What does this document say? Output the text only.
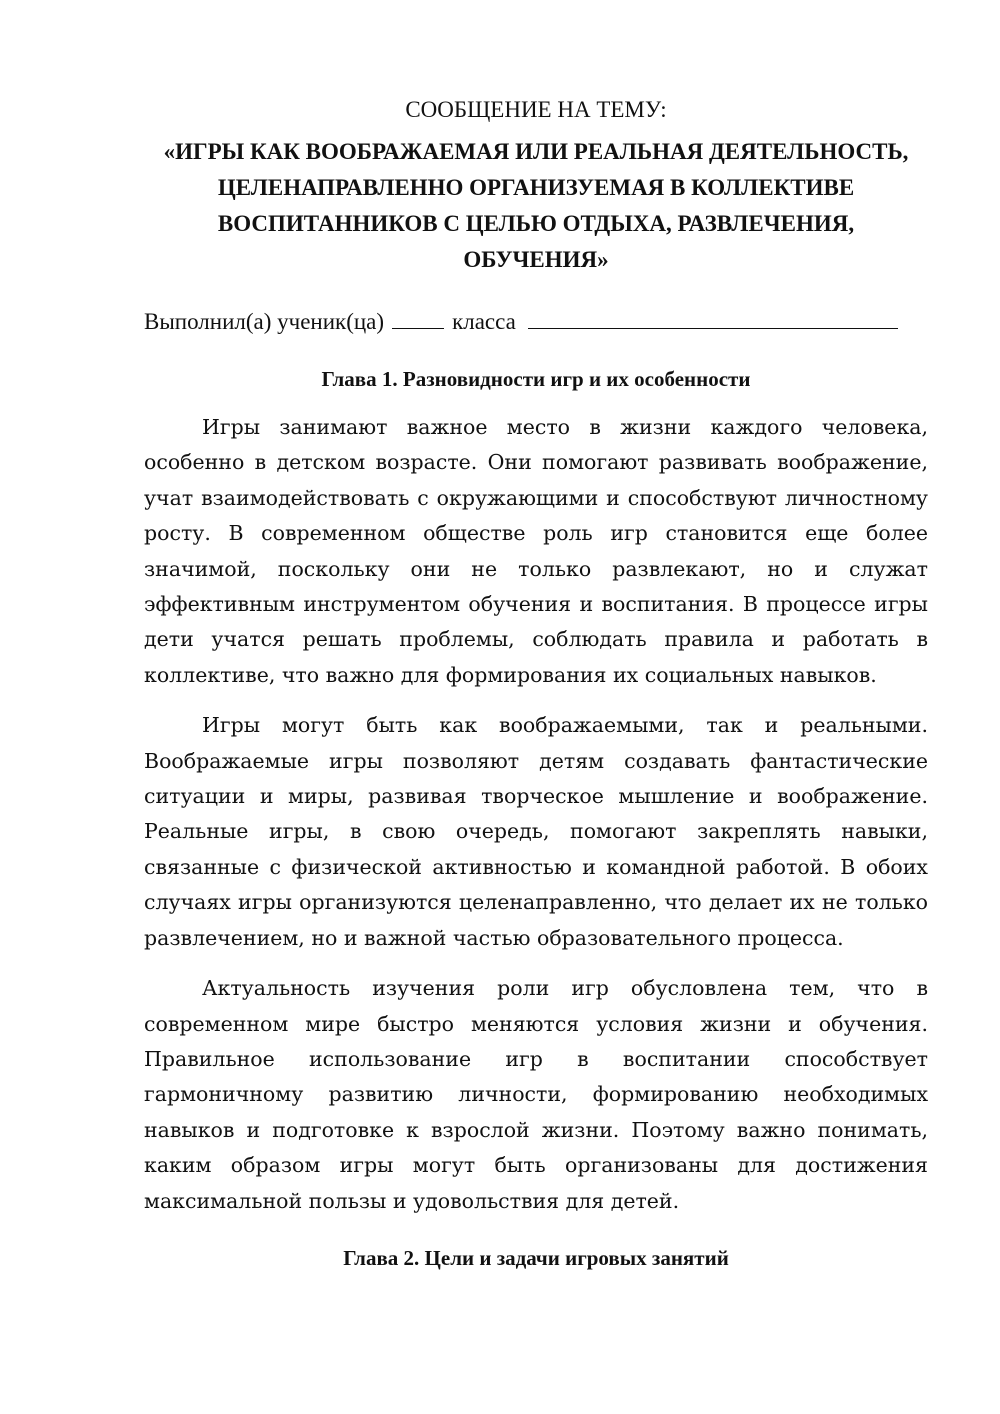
СООБЩЕНИЕ НА ТЕМУ:
«ИГРЫ КАК ВООБРАЖАЕМАЯ ИЛИ РЕАЛЬНАЯ ДЕЯТЕЛЬНОСТЬ, ЦЕЛЕНАПРАВЛЕННО ОРГАНИЗУЕМАЯ В КОЛЛЕКТИВЕ ВОСПИТАННИКОВ С ЦЕЛЬЮ ОТДЫХА, РАЗВЛЕЧЕНИЯ, ОБУЧЕНИЯ»
Выполнил(а) ученик(ца)	класса
Глава 1. Разновидности игр и их особенности

Игры занимают важное место в жизни каждого человека, особенно в детском возрасте. Они помогают развивать воображение, учат взаимодействовать с окружающими и способствуют личностному росту. В современном обществе роль игр становится еще более значимой, поскольку они не только развлекают, но и служат эффективным инструментом обучения и воспитания. В процессе игры дети учатся решать проблемы, соблюдать правила и работать в коллективе, что важно для формирования их социальных навыков.

Игры могут быть как воображаемыми, так и реальными. Воображаемые игры позволяют детям создавать фантастические ситуации и миры, развивая творческое мышление и воображение. Реальные игры, в свою очередь, помогают закреплять навыки, связанные с физической активностью и командной работой. В обоих случаях игры организуются целенаправленно, что делает их не только развлечением, но и важной частью образовательного процесса.

Актуальность изучения роли игр обусловлена тем, что в современном мире быстро меняются условия жизни и обучения. Правильное использование игр в воспитании способствует гармоничному развитию личности, формированию необходимых навыков и подготовке к взрослой жизни. Поэтому важно понимать, каким образом игры могут быть организованы для достижения максимальной пользы и удовольствия для детей.

Глава 2. Цели и задачи игровых занятий
